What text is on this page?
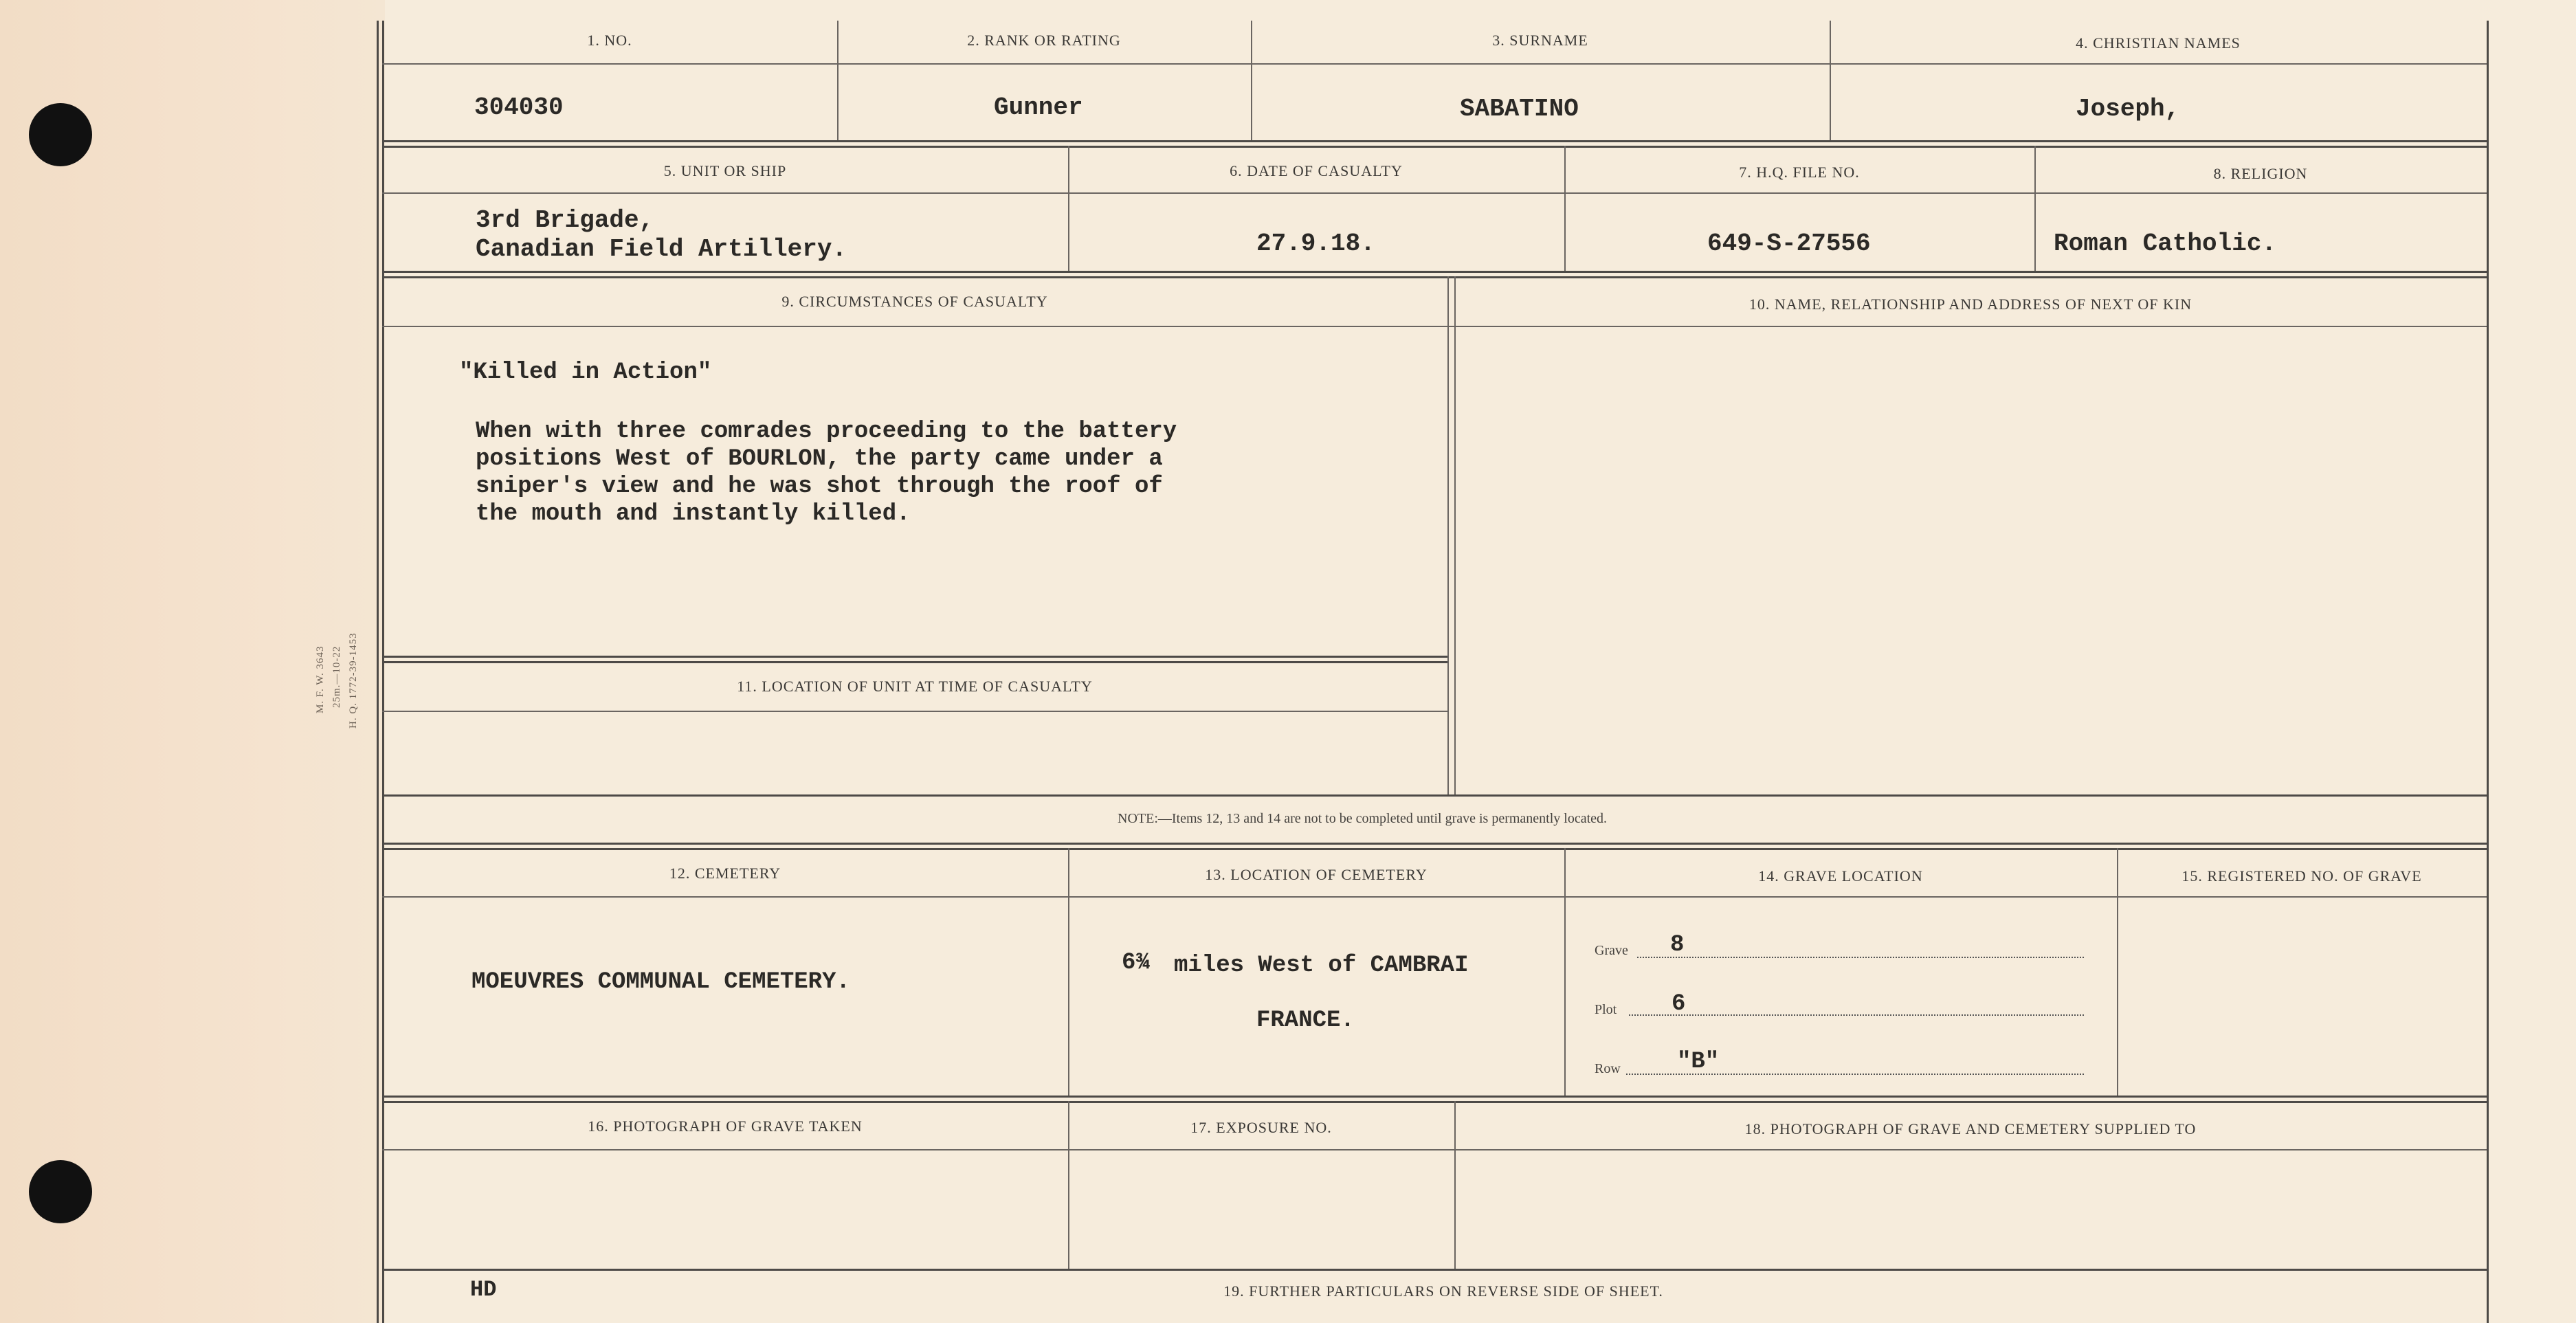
M. F. W. 3643 25m.—10-22 H. Q. 1772-39-1453
1. NO.	2. RANK OR RATING	3. SURNAME	4. CHRISTIAN NAMES
304030	Gunner	SABATINO	Joseph,
5. UNIT OR SHIP	6. DATE OF CASUALTY	7. H.Q. FILE NO.	8. RELIGION
3rd Brigade,
Canadian Field Artillery.	27.9.18.	649-S-27556	Roman Catholic.
9. CIRCUMSTANCES OF CASUALTY	10. NAME, RELATIONSHIP AND ADDRESS OF NEXT OF KIN
"Killed in Action"
When with three comrades proceeding to the battery
positions West of BOURLON, the party came under a
sniper's view and he was shot through the roof of
the mouth and instantly killed.
11. LOCATION OF UNIT AT TIME OF CASUALTY
NOTE:—Items 12, 13 and 14 are not to be completed until grave is permanently located.
12. CEMETERY	13. LOCATION OF CEMETERY	14. GRAVE LOCATION	15. REGISTERED NO. OF GRAVE
MOEUVRES COMMUNAL CEMETERY.
6¾ miles West of CAMBRAI
FRANCE.
Grave 8
Plot 6
Row "B"
16. PHOTOGRAPH OF GRAVE TAKEN	17. EXPOSURE NO.	18. PHOTOGRAPH OF GRAVE AND CEMETERY SUPPLIED TO
HD	19. FURTHER PARTICULARS ON REVERSE SIDE OF SHEET.
